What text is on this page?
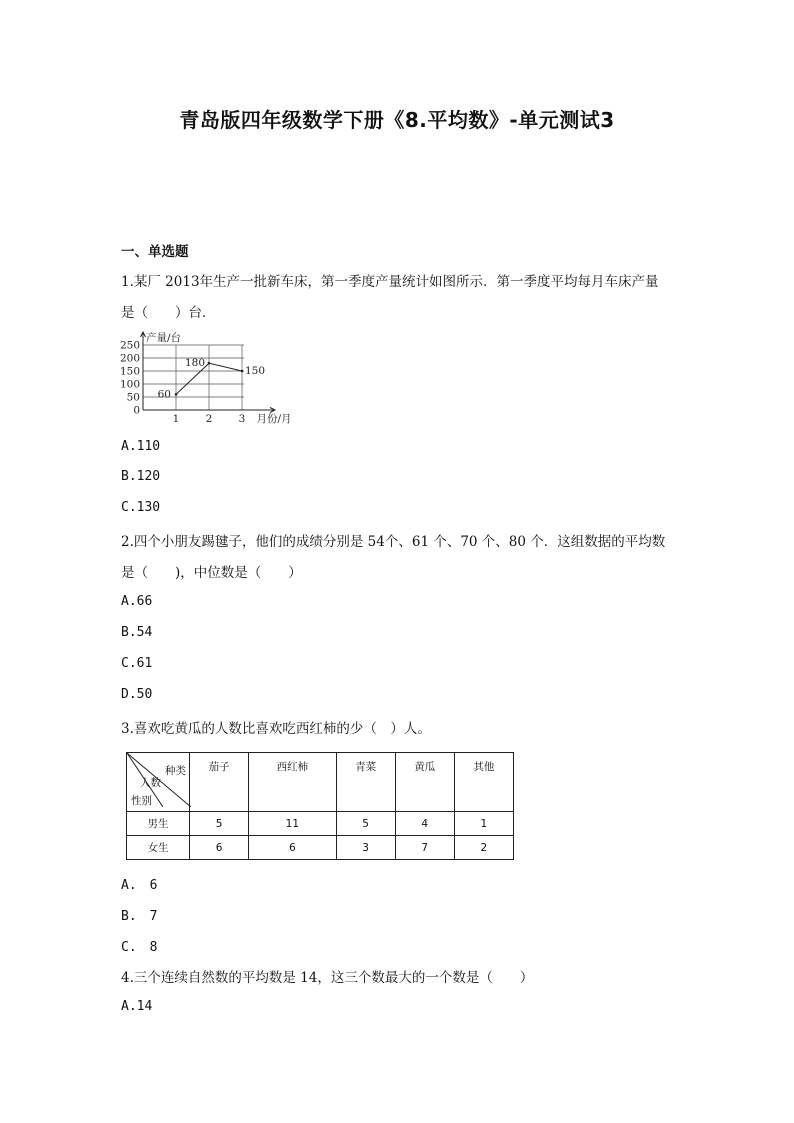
青岛版四年级数学下册《8.平均数》-单元测试3
一、单选题
1.某厂 2013年生产一批新车床，第一季度产量统计如图所示．第一季度平均每月车床产量
是（　　）台．
0
50
100
150
200
250
1	2	3
产量/台
月份/月
60
180
150
A.110
B.120
C.130
2.四个小朋友踢毽子，他们的成绩分别是 54个、61 个、70 个、80 个．这组数据的平均数
是（　　)，中位数是（　　）
A.66
B.54
C.61
D.50
3.喜欢吃黄瓜的人数比喜欢吃西红柿的少（　）人。
种类
人数
性别	茄子	西红柿	青菜	黄瓜	其他
男生	5	11	5	4	1
女生	6	6	3	7	2
A.　6
B.　7
C.　8
4.三个连续自然数的平均数是 14，这三个数最大的一个数是（　　）
A.14
